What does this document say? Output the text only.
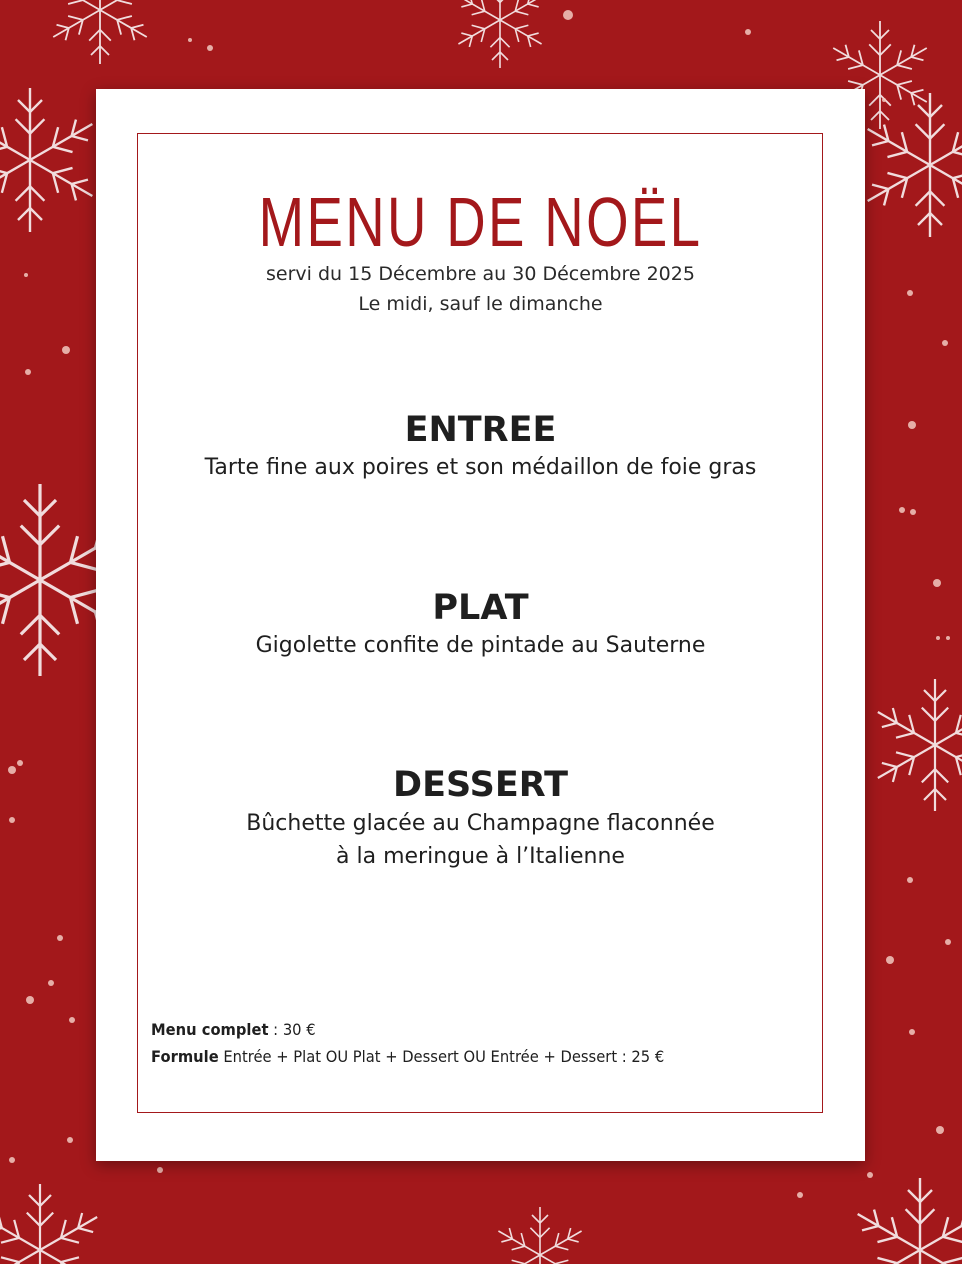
MENU DE NOËL
servi du 15 Décembre au 30 Décembre 2025
Le midi, sauf le dimanche
ENTREE
Tarte fine aux poires et son médaillon de foie gras
PLAT
Gigolette confite de pintade au Sauterne
DESSERT
Bûchette glacée au Champagne flaconnée
à la meringue à l’Italienne
Menu complet : 30 €
Formule Entrée + Plat OU Plat + Dessert OU Entrée + Dessert : 25 €
